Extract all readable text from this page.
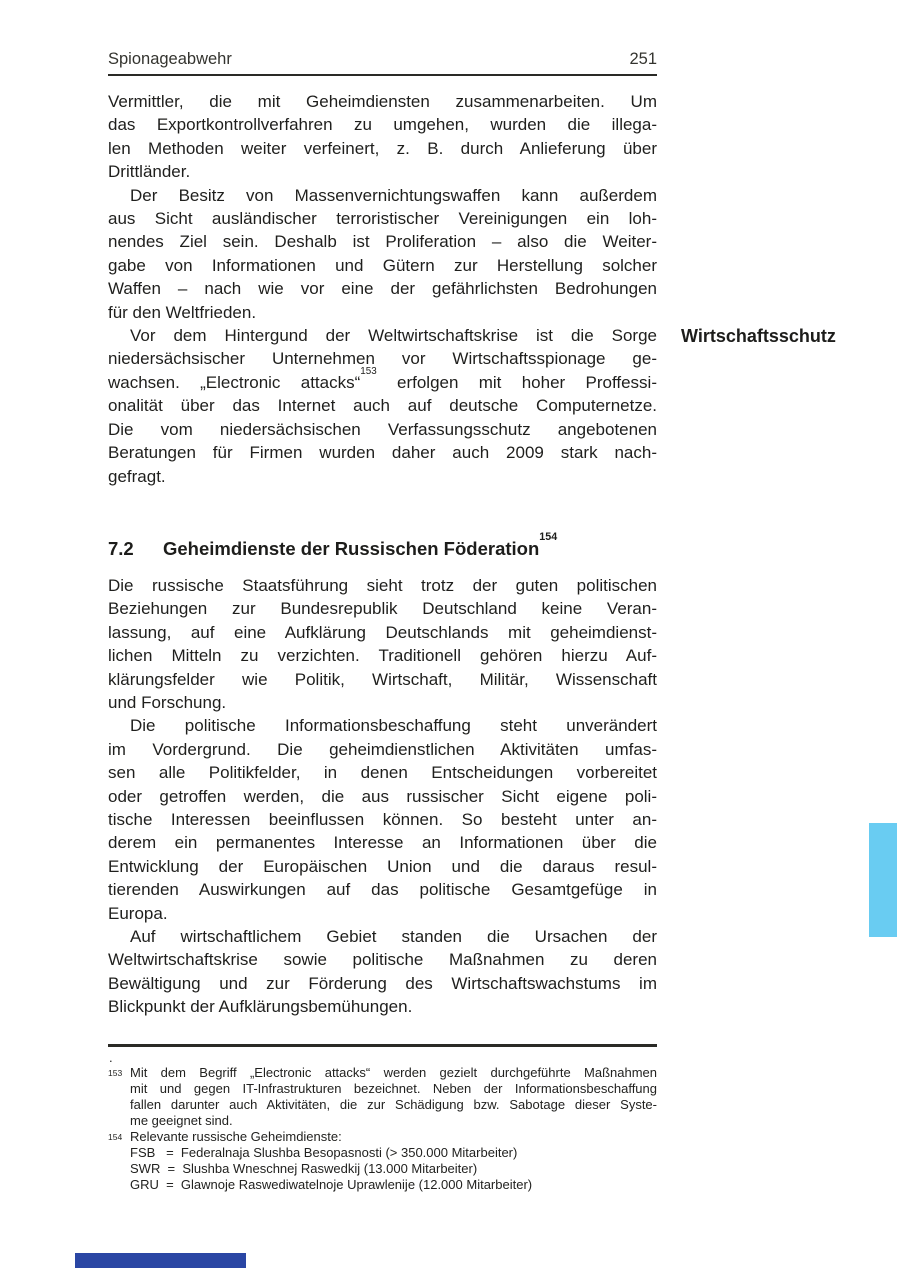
Spionageabwehr	251

Vermittler, die mit Geheimdiensten zusammenarbeiten. Um
das Exportkontrollverfahren zu umgehen, wurden die illega-
len Methoden weiter verfeinert, z. B. durch Anlieferung über
Drittländer.

Der Besitz von Massenvernichtungswaffen kann außerdem
aus Sicht ausländischer terroristischer Vereinigungen ein loh-
nendes Ziel sein. Deshalb ist Proliferation – also die Weiter-
gabe von Informationen und Gütern zur Herstellung solcher
Waffen – nach wie vor eine der gefährlichsten Bedrohungen
für den Weltfrieden.

Vor dem Hintergund der Weltwirtschaftskrise ist die Sorge
niedersächsischer Unternehmen vor Wirtschaftsspionage ge-
wachsen. „Electronic attacks“$^{153}$ erfolgen mit hoher Proffessi-
onalität über das Internet auch auf deutsche Computernetze.
Die vom niedersächsischen Verfassungsschutz angebotenen
Beratungen für Firmen wurden daher auch 2009 stark nach-
gefragt.

7.2	Geheimdienste der Russischen Föderation$^{154}$

Die russische Staatsführung sieht trotz der guten politischen
Beziehungen zur Bundesrepublik Deutschland keine Veran-
lassung, auf eine Aufklärung Deutschlands mit geheimdienst-
lichen Mitteln zu verzichten. Traditionell gehören hierzu Auf-
klärungsfelder wie Politik, Wirtschaft, Militär, Wissenschaft
und Forschung.

Die politische Informationsbeschaffung steht unverändert
im Vordergrund. Die geheimdienstlichen Aktivitäten umfas-
sen alle Politikfelder, in denen Entscheidungen vorbereitet
oder getroffen werden, die aus russischer Sicht eigene poli-
tische Interessen beeinflussen können. So besteht unter an-
derem ein permanentes Interesse an Informationen über die
Entwicklung der Europäischen Union und die daraus resul-
tierenden Auswirkungen auf das politische Gesamtgefüge in
Europa.

Auf wirtschaftlichem Gebiet standen die Ursachen der
Weltwirtschaftskrise sowie politische Maßnahmen zu deren
Bewältigung und zur Förderung des Wirtschaftswachstums im
Blickpunkt der Aufklärungsbemühungen.

Wirtschaftsschutz
.
153 Mit dem Begriff „Electronic attacks“ werden gezielt durchgeführte Maßnahmen
mit und gegen IT-Infrastrukturen bezeichnet. Neben der Informationsbeschaffung
fallen darunter auch Aktivitäten, die zur Schädigung bzw. Sabotage dieser Syste-
me geeignet sind.
154 Relevante russische Geheimdienste:
FSB   =  Federalnaja Slushba Besopasnosti (> 350.000 Mitarbeiter)
SWR  =  Slushba Wneschnej Raswedkij (13.000 Mitarbeiter)
GRU  =  Glawnoje Raswediwatelnoje Uprawlenije (12.000 Mitarbeiter)
